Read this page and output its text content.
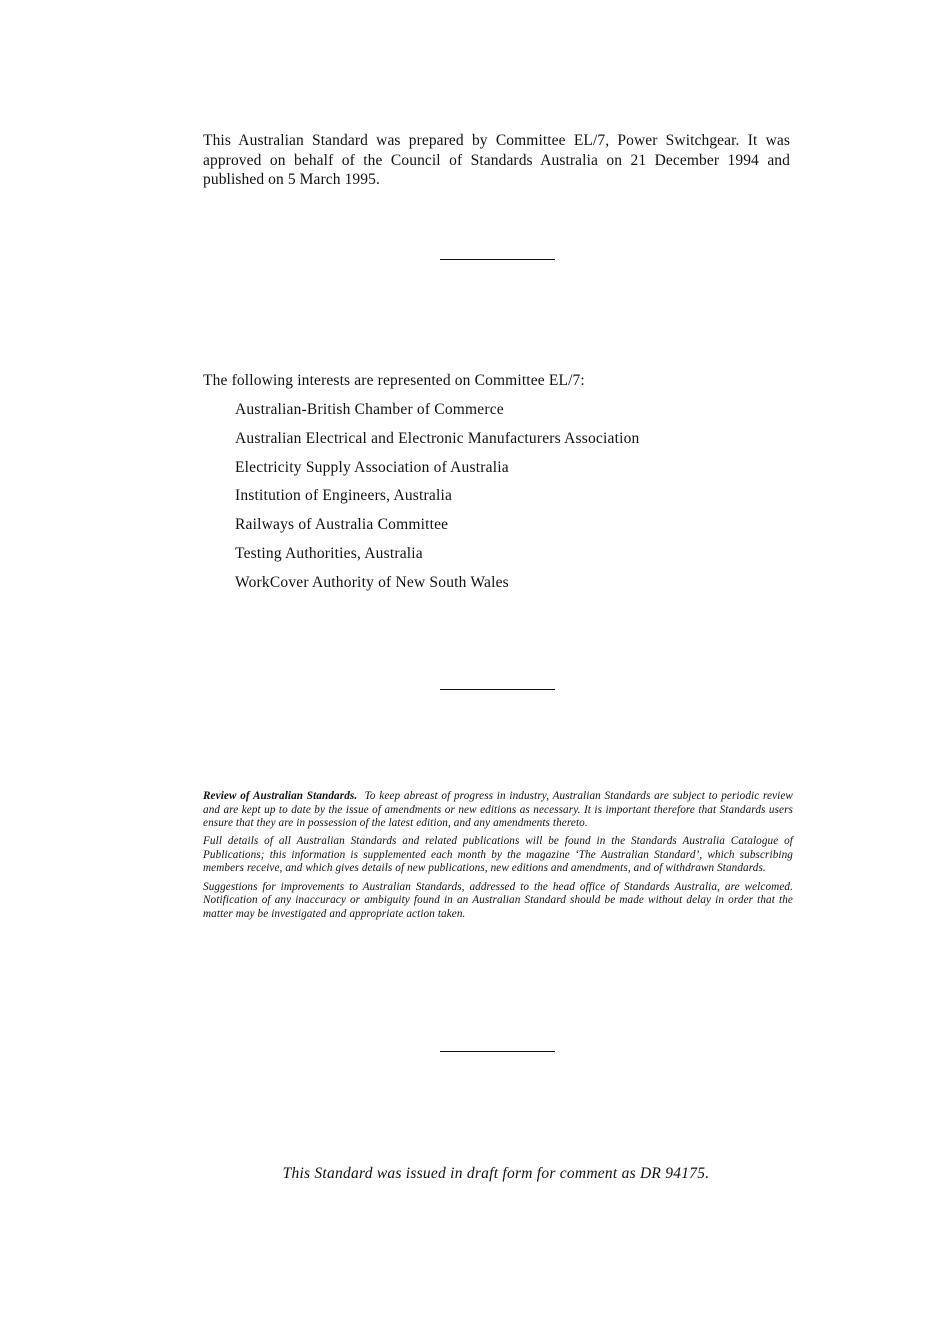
This Australian Standard was prepared by Committee EL/7, Power Switchgear. It was approved on behalf of the Council of Standards Australia on 21 December 1994 and published on 5 March 1995.

The following interests are represented on Committee EL/7:

Australian-British Chamber of Commerce
Australian Electrical and Electronic Manufacturers Association
Electricity Supply Association of Australia
Institution of Engineers, Australia
Railways of Australia Committee
Testing Authorities, Australia
WorkCover Authority of New South Wales

Review of Australian Standards. To keep abreast of progress in industry, Australian Standards are subject to periodic review and are kept up to date by the issue of amendments or new editions as necessary. It is important therefore that Standards users ensure that they are in possession of the latest edition, and any amendments thereto.

Full details of all Australian Standards and related publications will be found in the Standards Australia Catalogue of Publications; this information is supplemented each month by the magazine ‘The Australian Standard’, which subscribing members receive, and which gives details of new publications, new editions and amendments, and of withdrawn Standards.

Suggestions for improvements to Australian Standards, addressed to the head office of Standards Australia, are welcomed. Notification of any inaccuracy or ambiguity found in an Australian Standard should be made without delay in order that the matter may be investigated and appropriate action taken.

This Standard was issued in draft form for comment as DR 94175.
